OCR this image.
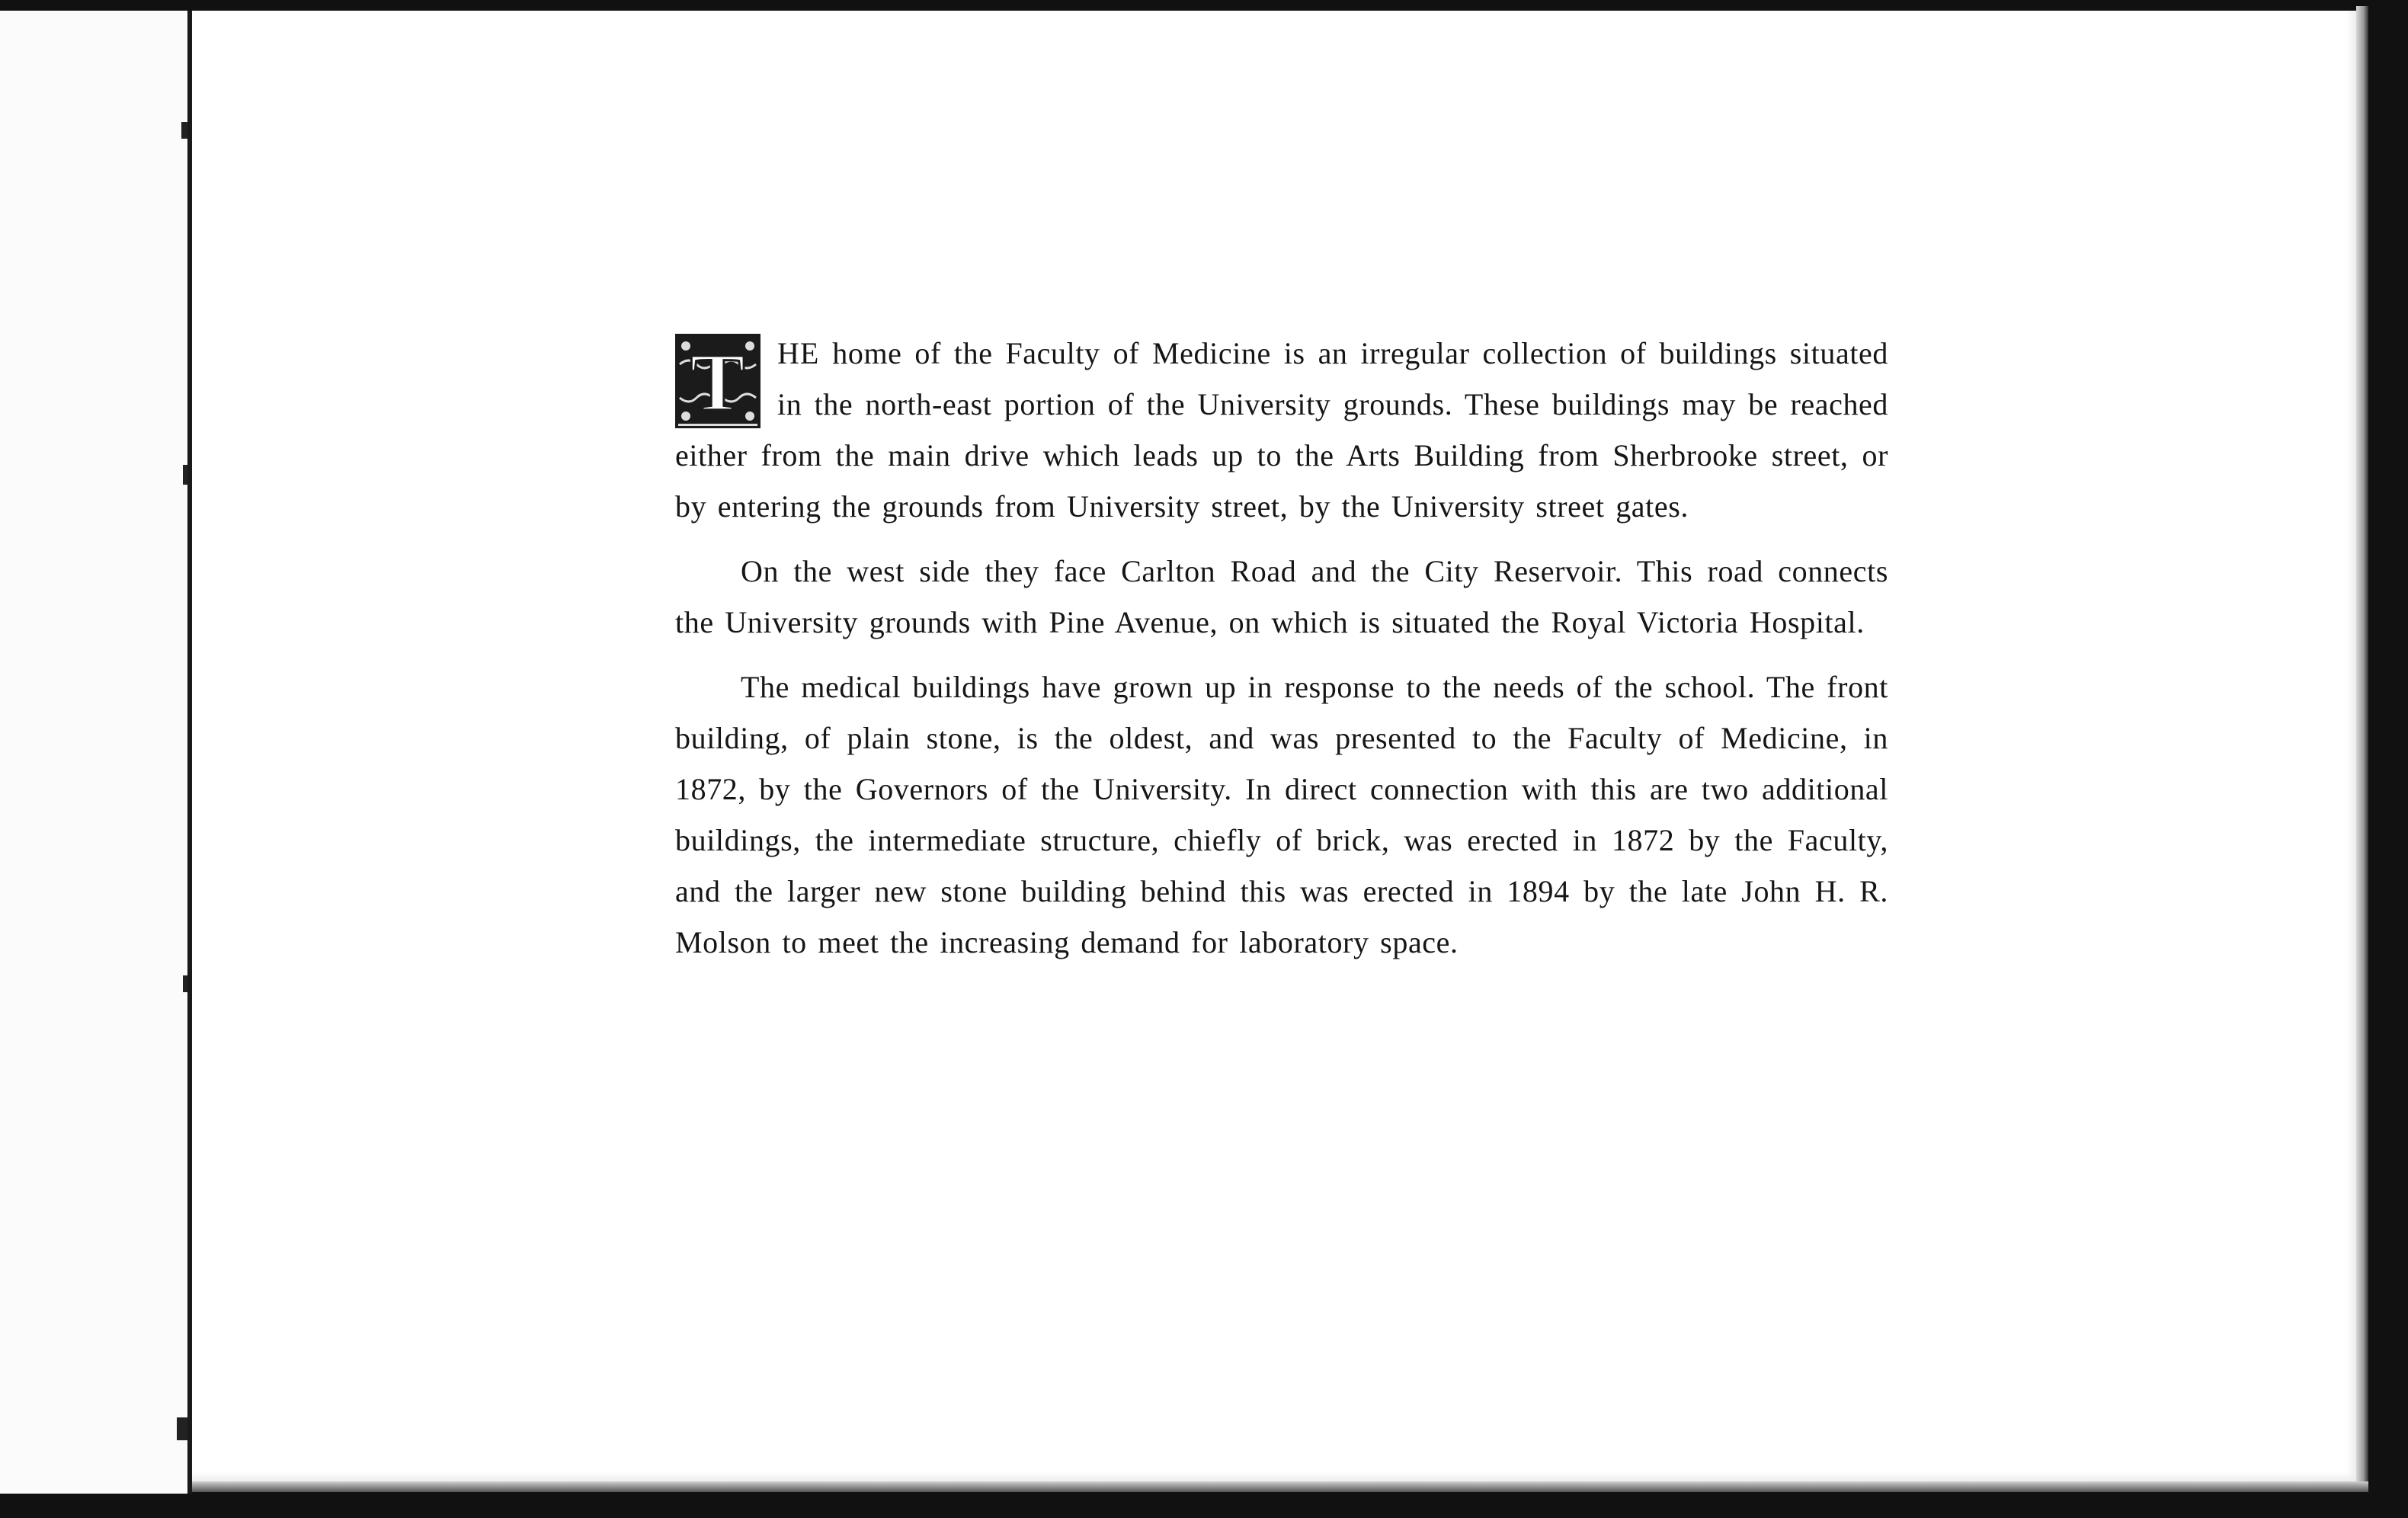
T HE home of the Faculty of Medicine is an irregular collection of buildings situated in the north-east portion of the University grounds. These buildings may be reached either from the main drive which leads up to the Arts Building from Sherbrooke street, or by entering the grounds from University street, by the University street gates.

On the west side they face Carlton Road and the City Reservoir. This road connects the University grounds with Pine Avenue, on which is situated the Royal Victoria Hospital.

The medical buildings have grown up in response to the needs of the school. The front building, of plain stone, is the oldest, and was presented to the Faculty of Medicine, in 1872, by the Governors of the University. In direct connection with this are two additional buildings, the intermediate structure, chiefly of brick, was erected in 1872 by the Faculty, and the larger new stone building behind this was erected in 1894 by the late John H. R. Molson to meet the increasing demand for laboratory space.
